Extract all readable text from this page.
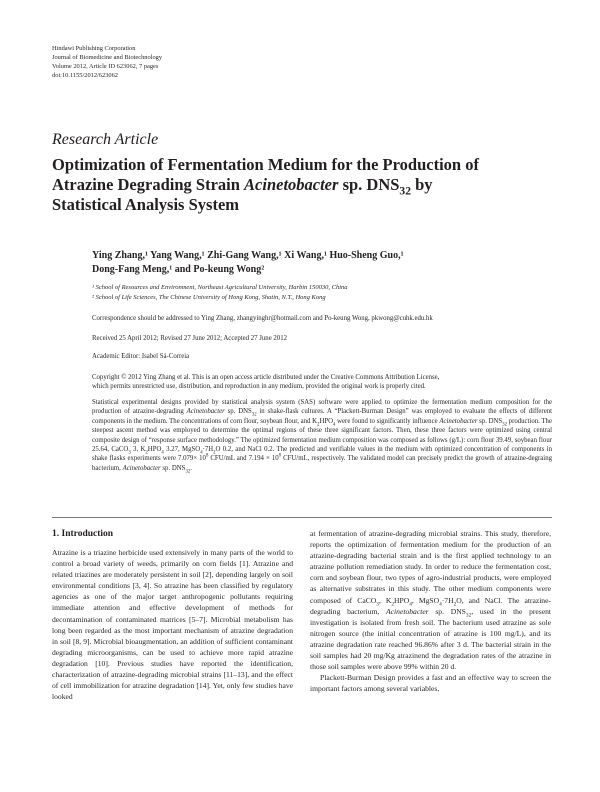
Hindawi Publishing Corporation
Journal of Biomedicine and Biotechnology
Volume 2012, Article ID 623062, 7 pages
doi:10.1155/2012/623062
Research Article
Optimization of Fermentation Medium for the Production of
Atrazine Degrading Strain Acinetobacter sp. $DNS_{32}$ by
Statistical Analysis System
Ying Zhang,¹ Yang Wang,¹ Zhi-Gang Wang,¹ Xi Wang,¹ Huo-Sheng Guo,¹
Dong-Fang Meng,¹ and Po-keung Wong²
¹ School of Resources and Environment, Northeast Agricultural University, Harbin 150030, China
² School of Life Sciences, The Chinese University of Hong Kong, Shatin, N.T., Hong Kong
Correspondence should be addressed to Ying Zhang, zhangyinghr@hotmail.com and Po-keung Wong, pkwong@cuhk.edu.hk
Received 25 April 2012; Revised 27 June 2012; Accepted 27 June 2012
Academic Editor: Isabel Sá-Correia
Copyright © 2012 Ying Zhang et al. This is an open access article distributed under the Creative Commons Attribution License,
which permits unrestricted use, distribution, and reproduction in any medium, provided the original work is properly cited.
Statistical experimental designs provided by statistical analysis system (SAS) software were applied to optimize the fermentation medium composition for the production of atrazine-degrading Acinetobacter sp. $DNS_{32}$ in shake-flask cultures. A “Plackett-Burman Design” was employed to evaluate the effects of different components in the medium. The concentrations of corn flour, soybean flour, and $K_2HPO_4$ were found to significantly influence Acinetobacter sp. $DNS_{32}$ production. The steepest ascent method was employed to determine the optimal regions of these three significant factors. Then, these three factors were optimized using central composite design of “response surface methodology.” The optimized fermentation medium composition was composed as follows (g/L): corn flour 39.49, soybean flour 25.64, CaCO$_3$ 3, $K_2HPO_4$ 3.27, $MgSO_4\cdot 7H_2O$ 0.2, and NaCl 0.2. The predicted and verifiable values in the medium with optimized concentration of components in shake flasks experiments were $7.079\times 10^8$ CFU/mL and $7.194 \times 10^8$ CFU/mL, respectively. The validated model can precisely predict the growth of atrazine-degraing bacterium, Acinetobacter sp. $DNS_{32}$.
1. Introduction

Atrazine is a triazine herbicide used extensively in many parts of the world to control a broad variety of weeds, primarily on corn fields [1]. Atrazine and related triazines are moderately persistent in soil [2], depending largely on soil environmental conditions [3, 4]. So atrazine has been classified by regulatory agencies as one of the major target anthropogenic pollutants requiring immediate attention and effective development of methods for decontamination of contaminated matrices [5–7]. Microbial metabolism has long been regarded as the most important mechanism of atrazine degradation in soil [8, 9]. Microbial bioaugmentation, an addition of sufficient contaminant degrading microorganisms, can be used to achieve more rapid atrazine degradation [10]. Previous studies have reported the identification, characterization of atrazine-degrading microbial strains [11–13], and the effect of cell immobilization for atrazine degradation [14]. Yet, only few studies have looked

at fermentation of atrazine-degrading microbial strains. This study, therefore, reports the optimization of fermentation medium for the production of an atrazine-degrading bacterial strain and is the first applied technology to an atrazine pollution remediation study. In order to reduce the fermentation cost, corn and soybean flour, two types of agro-industrial products, were employed as alternative substrates in this study. The other medium components were composed of CaCO$_3$, $K_2HPO_4$, $MgSO_4\cdot 7H_2O$, and NaCl. The atrazine-degrading bacterium, Acinetobacter sp. $DNS_{32}$, used in the present investigation is isolated from fresh soil. The bacterium used atrazine as sole nitrogen source (the initial concentration of atrazine is 100 mg/L), and its atrazine degradation rate reached 96.86% after 3 d. The bacterial strain in the soil samples had 20 mg/Kg atrazinend the degradation rates of the atrazine in those soil samples were above 99% within 20 d.

Plackett-Burman Design provides a fast and an effective way to screen the important factors among several variables,
